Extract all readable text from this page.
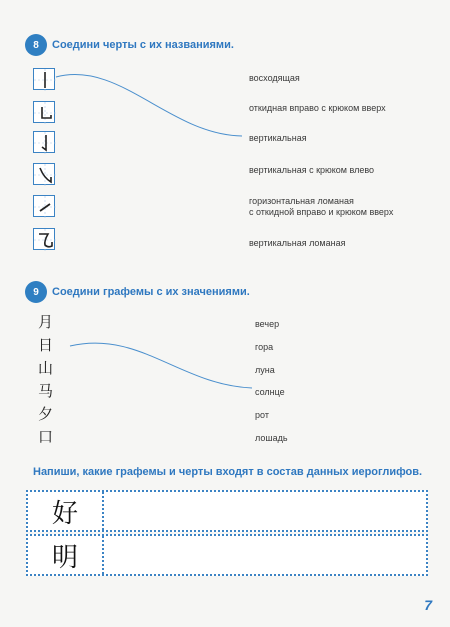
8	Соедини черты с их названиями.
восходящая
откидная вправо с крюком вверх
вертикальная
вертикальная с крюком влево
горизонтальная ломаная
с откидной вправо и крюком вверх
вертикальная ломаная
9	Соедини графемы с их значениями.
月
日
山
马
夕
口
вечер
гора
луна
солнце
рот
лошадь
Напиши, какие графемы и черты входят в состав данных иероглифов.
好
明
7
